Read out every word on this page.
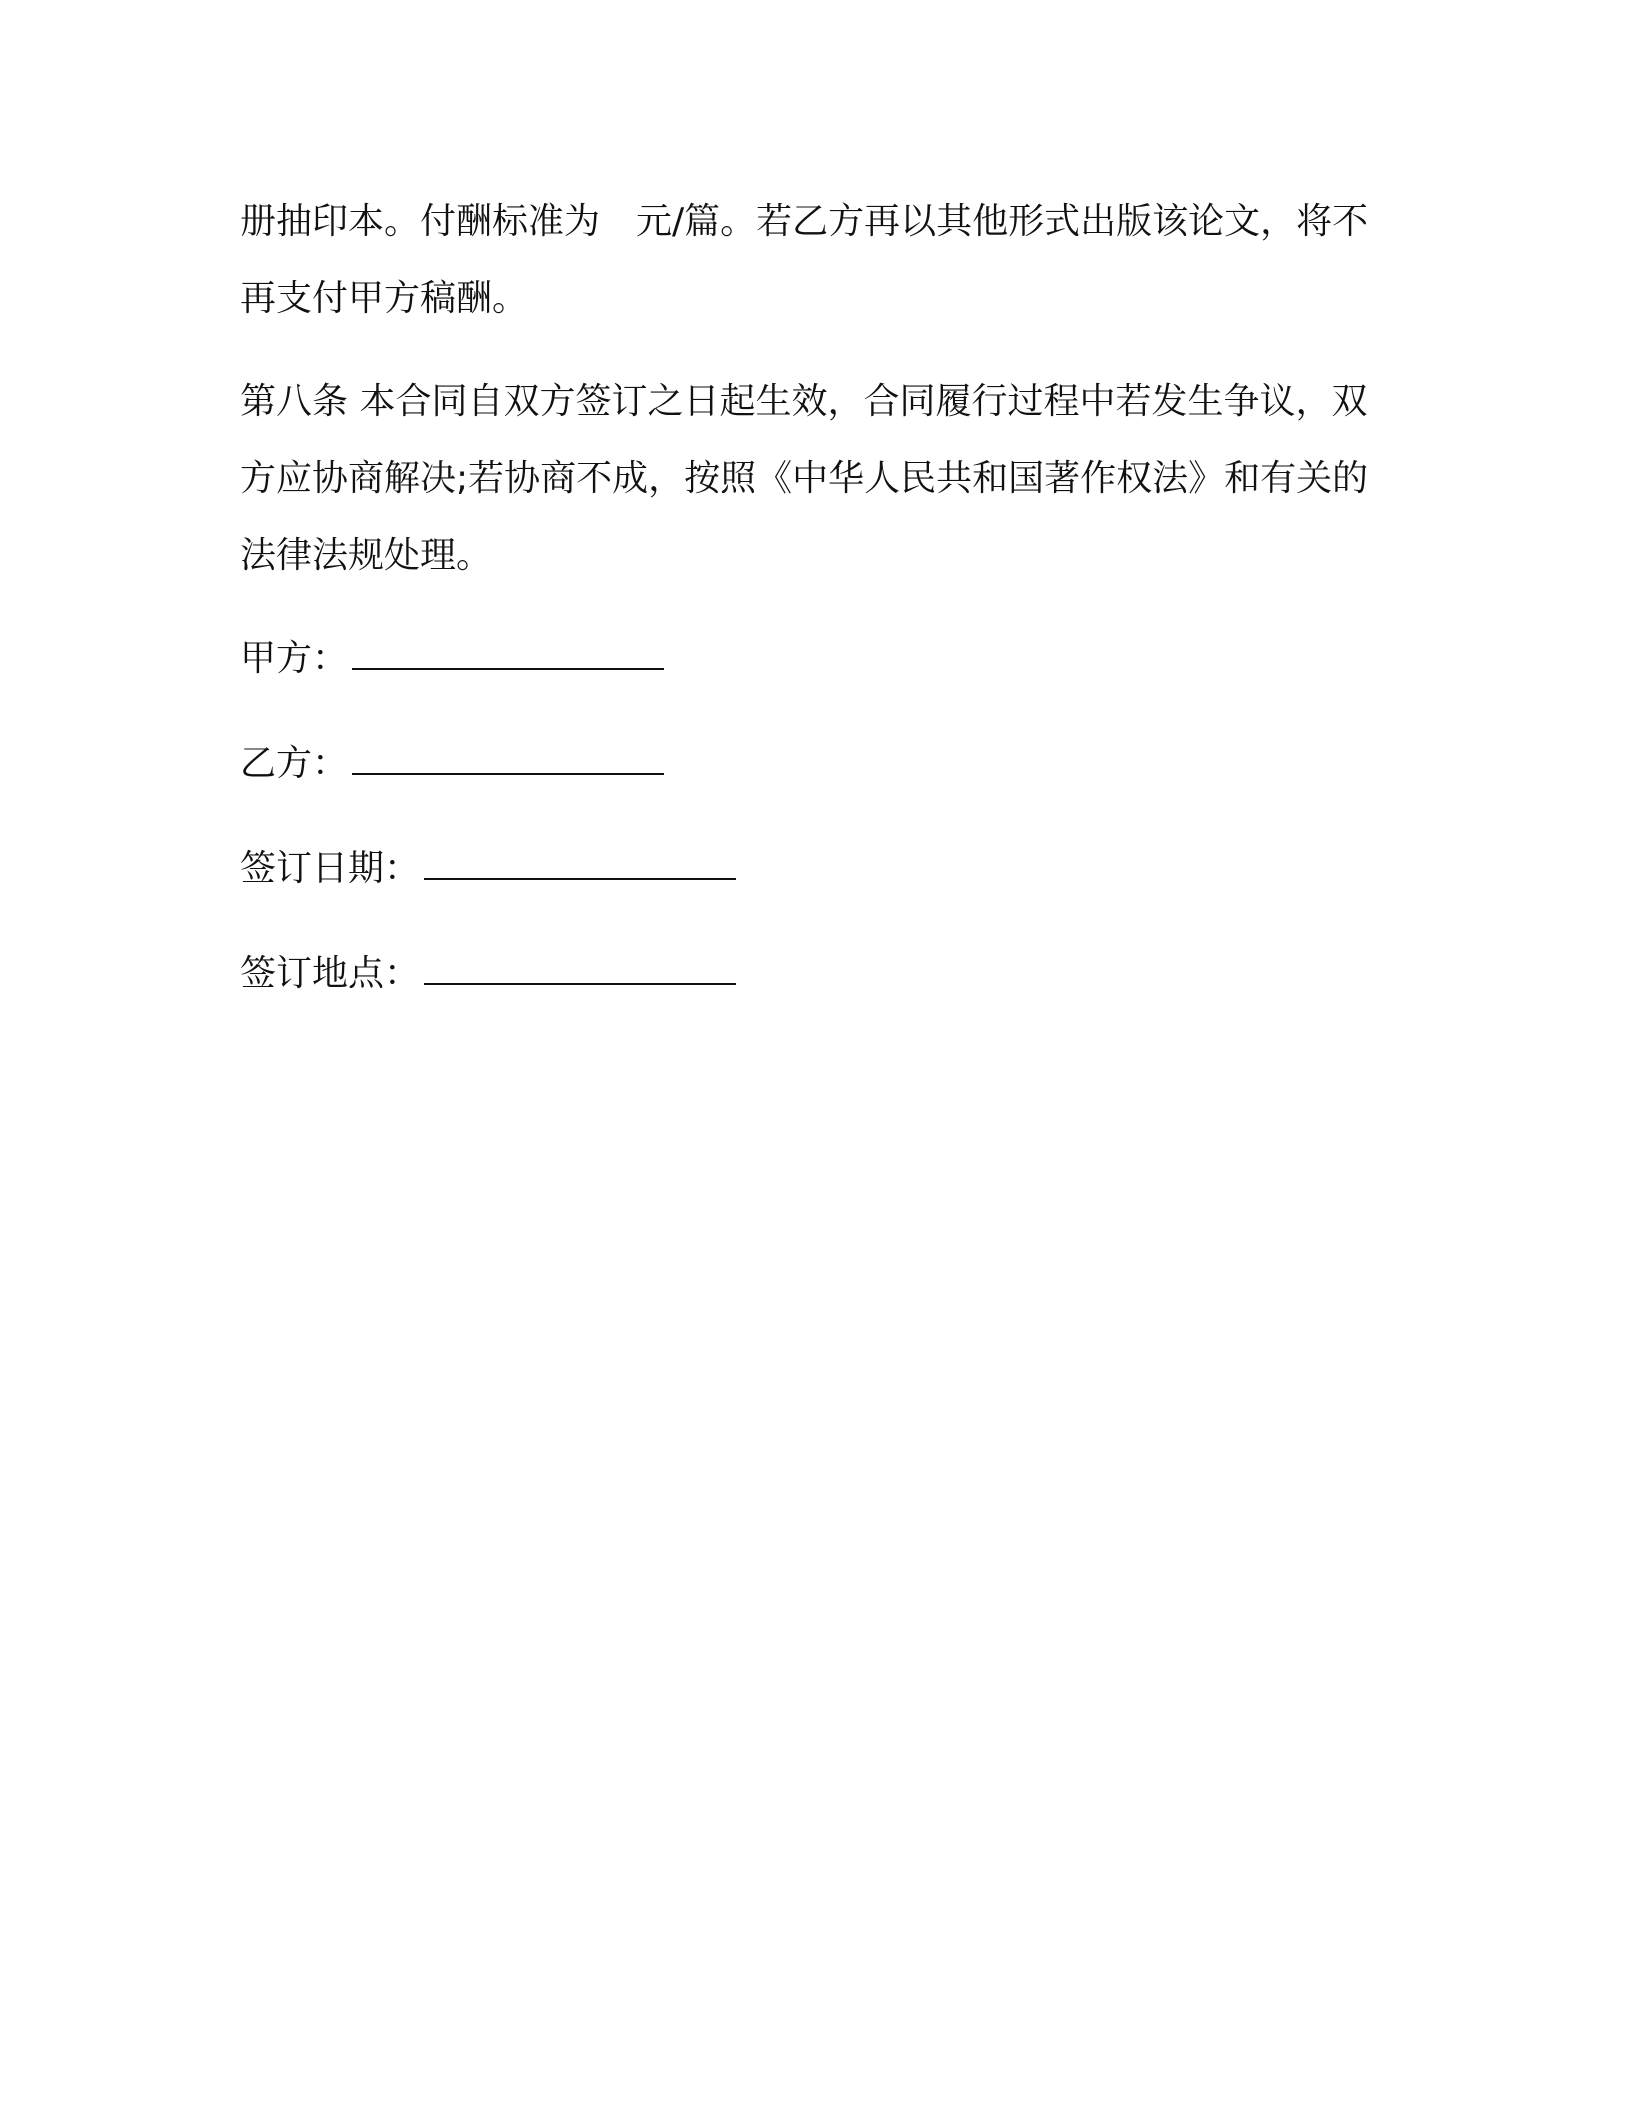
册抽印本。付酬标准为　元/篇。若乙方再以其他形式出版该论文，将不再支付甲方稿酬。

第八条 本合同自双方签订之日起生效，合同履行过程中若发生争议，双方应协商解决;若协商不成，按照《中华人民共和国著作权法》和有关的法律法规处理。

甲方：
乙方：
签订日期：
签订地点：
